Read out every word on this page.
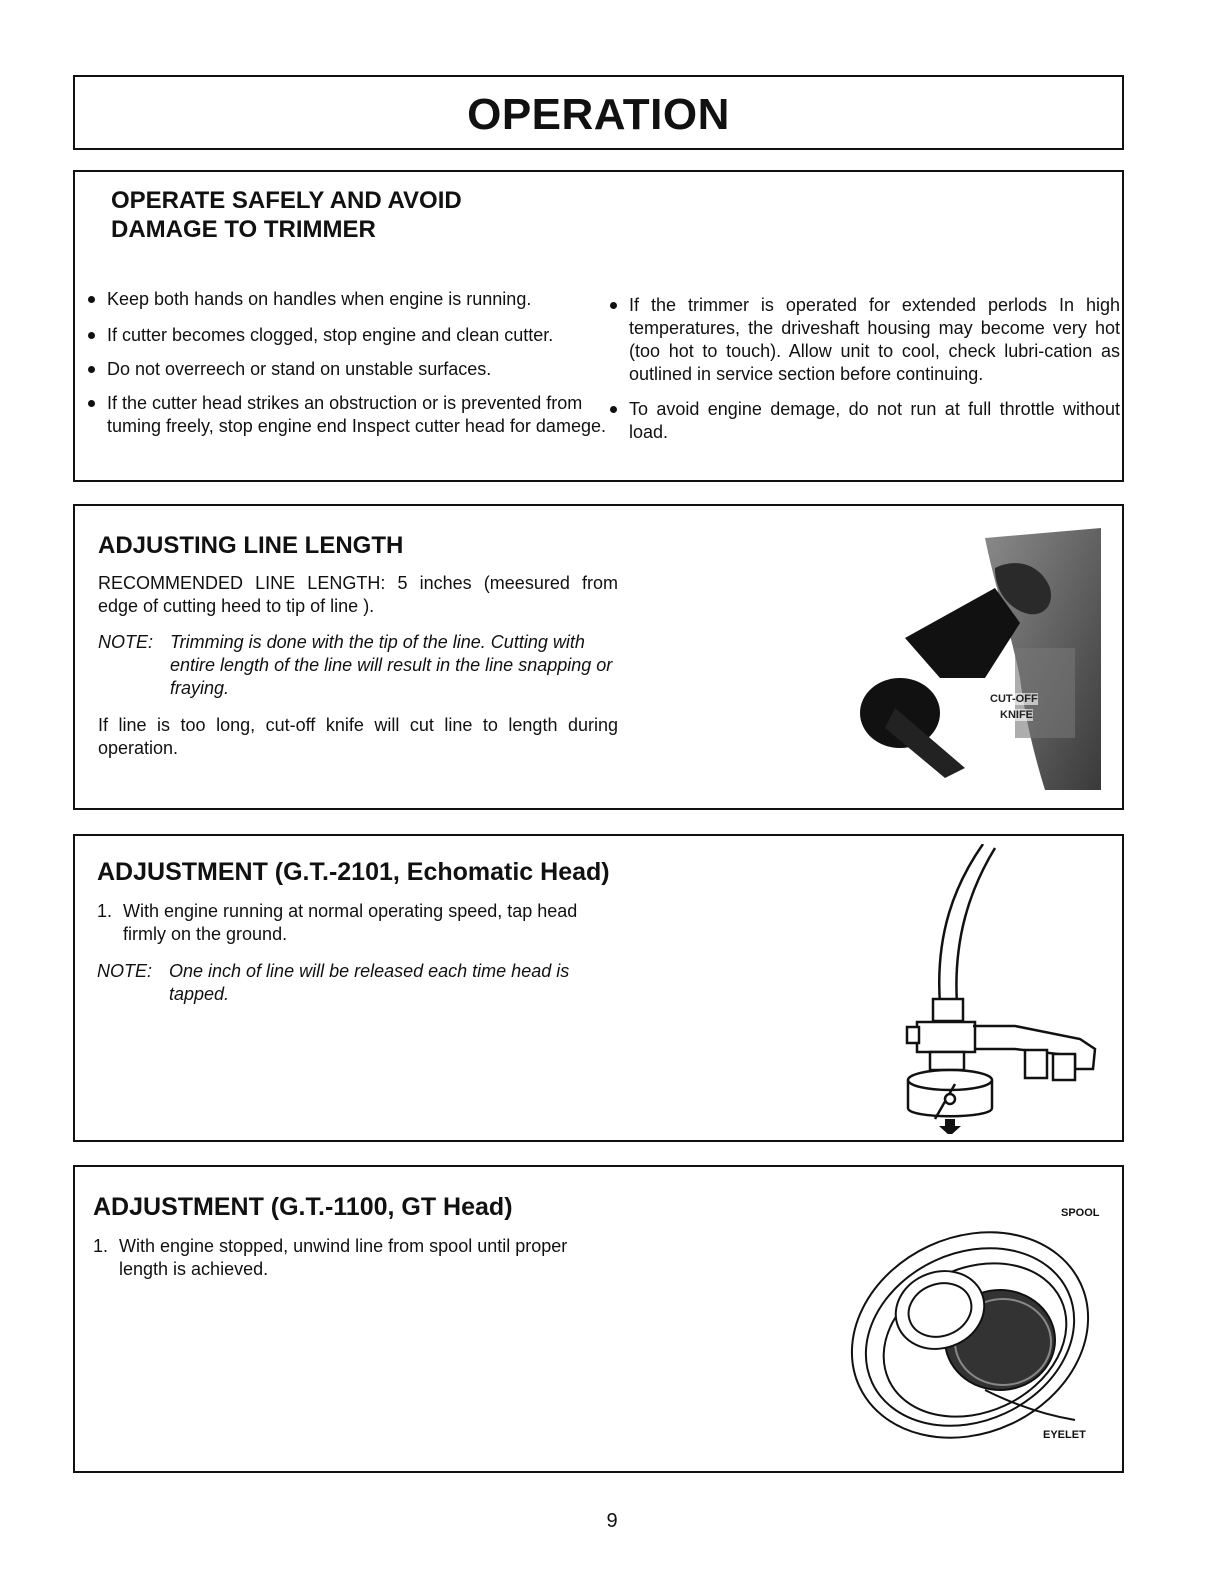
OPERATION
OPERATE SAFELY AND AVOID
DAMAGE TO TRIMMER
Keep both hands on handles when engine is running.
If cutter becomes clogged, stop engine and clean cutter.
Do not overreech or stand on unstable surfaces.
If the cutter head strikes an obstruction or is prevented from tuming freely, stop engine end Inspect cutter head for damege.
If the trimmer is operated for extended perlods In high temperatures, the driveshaft housing may become very hot (too hot to touch). Allow unit to cool, check lubri-cation as outlined in service section before continuing.
To avoid engine demage, do not run at full throttle without load.
ADJUSTING LINE LENGTH
RECOMMENDED LINE LENGTH: 5 inches (meesured from edge of cutting heed to tip of line ).
NOTE: Trimming is done with the tip of the line. Cutting with entire length of the line will result in the line snapping or fraying.
If line is too long, cut-off knife will cut line to length during operation.
CUT-OFF
KNIFE
ADJUSTMENT (G.T.-2101, Echomatic Head)
1. With engine running at normal operating speed, tap head firmly on the ground.
NOTE: One inch of line will be released each time head is tapped.
ADJUSTMENT (G.T.-1100, GT Head)
1. With engine stopped, unwind line from spool until proper length is achieved.
SPOOL
EYELET
9
